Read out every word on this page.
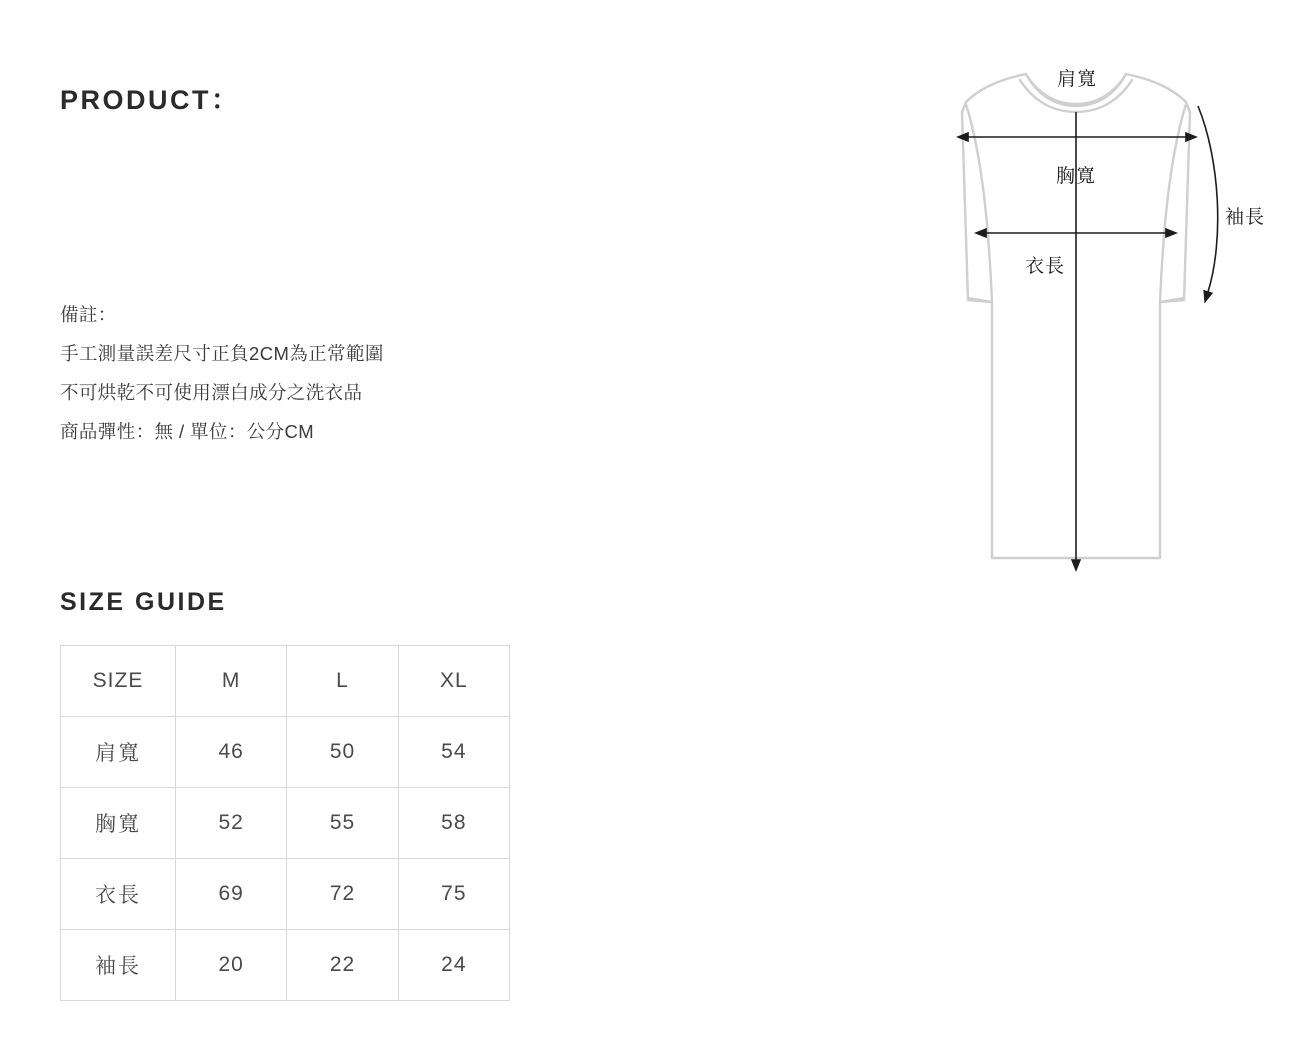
PRODUCT：
備註：
手工測量誤差尺寸正負2CM為正常範圍
不可烘乾不可使用漂白成分之洗衣品
商品彈性：無 / 單位：公分CM
SIZE GUIDE
SIZE	M	L	XL
肩寬	46	50	54
胸寬	52	55	58
衣長	69	72	75
袖長	20	22	24
肩寬
胸寬
衣長
袖長
